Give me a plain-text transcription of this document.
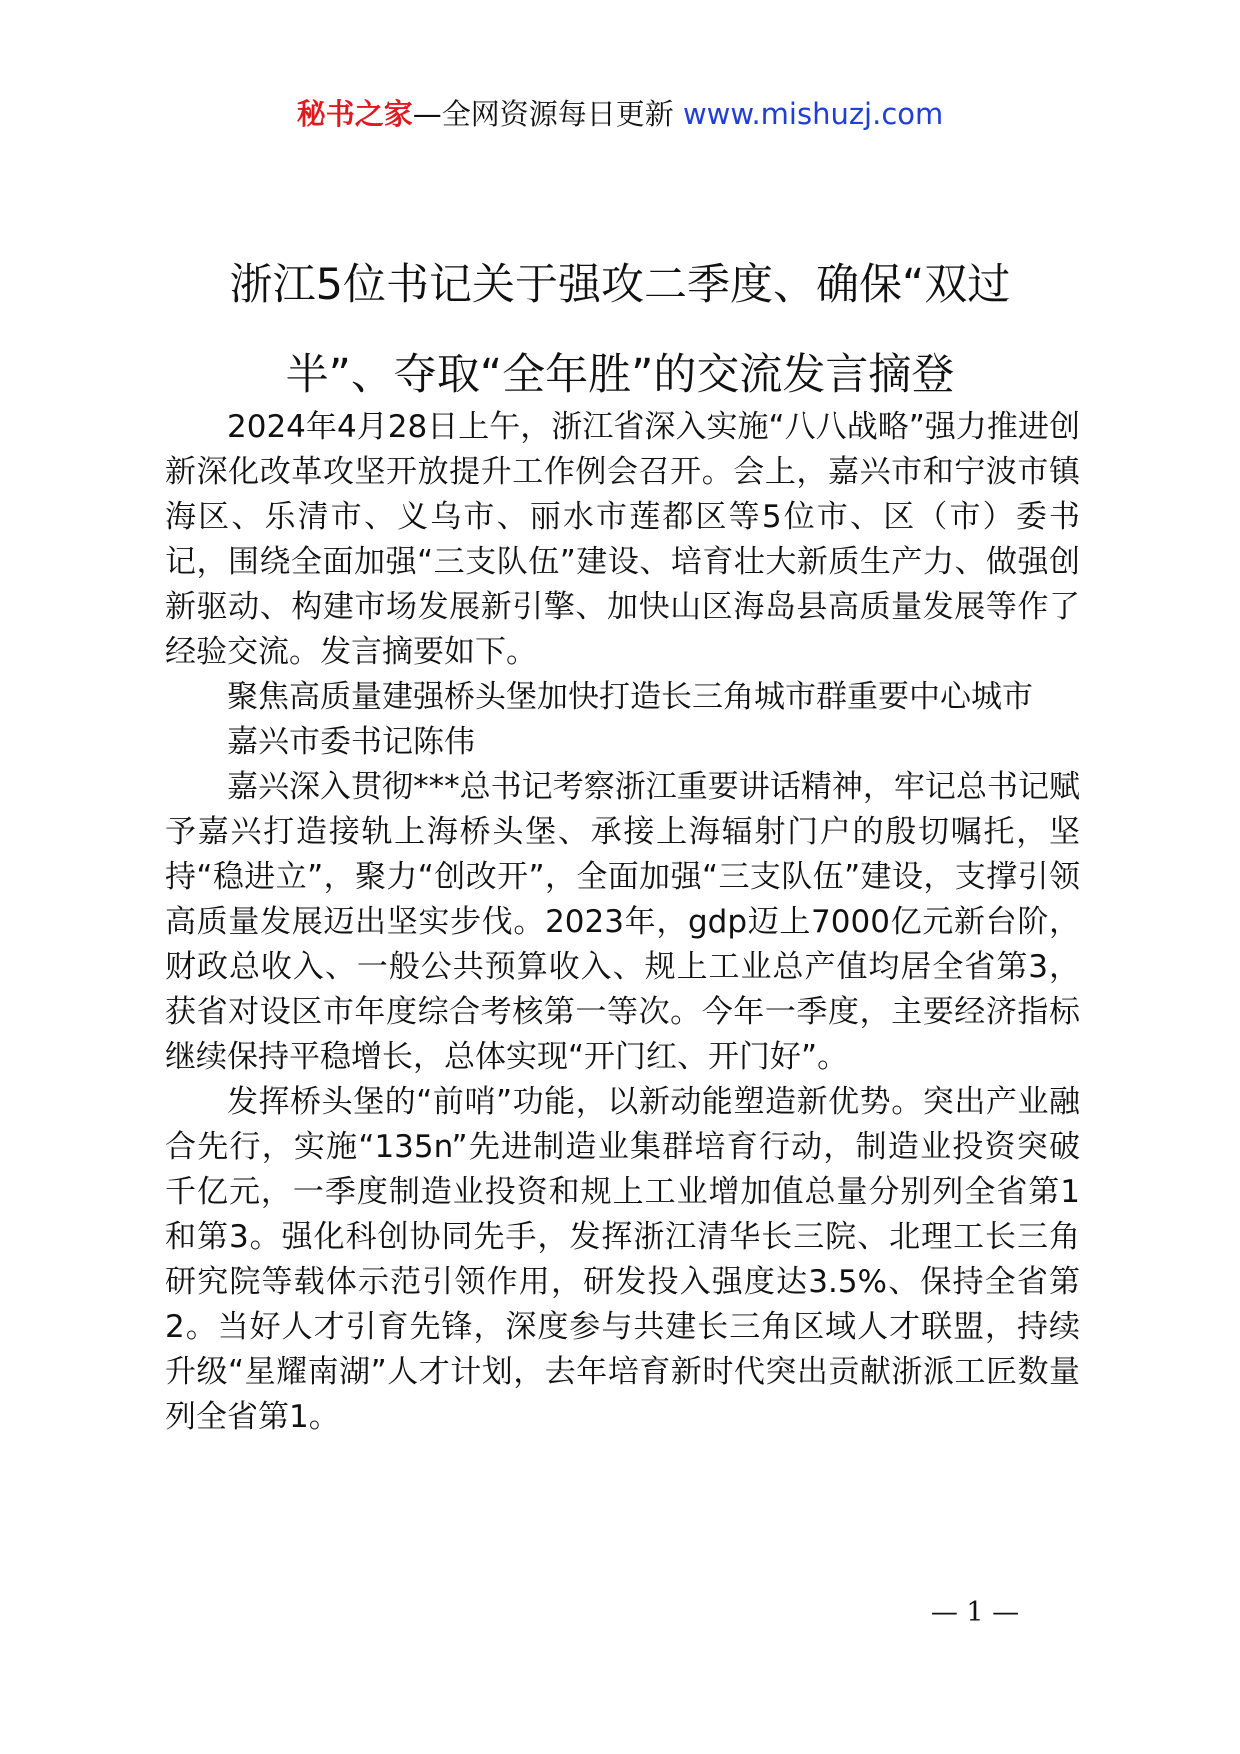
秘书之家—全网资源每日更新 www.mishuzj.com
浙江5位书记关于强攻二季度、确保“双过
半”、夺取“全年胜”的交流发言摘登

2024年4月28日上午，浙江省深入实施“八八战略”强力推进创新深化改革攻坚开放提升工作例会召开。会上，嘉兴市和宁波市镇海区、乐清市、义乌市、丽水市莲都区等5位市、区（市）委书记，围绕全面加强“三支队伍”建设、培育壮大新质生产力、做强创新驱动、构建市场发展新引擎、加快山区海岛县高质量发展等作了经验交流。发言摘要如下。

聚焦高质量建强桥头堡加快打造长三角城市群重要中心城市

嘉兴市委书记陈伟

嘉兴深入贯彻***总书记考察浙江重要讲话精神，牢记总书记赋予嘉兴打造接轨上海桥头堡、承接上海辐射门户的殷切嘱托，坚持“稳进立”，聚力“创改开”，全面加强“三支队伍”建设，支撑引领高质量发展迈出坚实步伐。2023年，gdp迈上7000亿元新台阶，财政总收入、一般公共预算收入、规上工业总产值均居全省第3，获省对设区市年度综合考核第一等次。今年一季度，主要经济指标继续保持平稳增长，总体实现“开门红、开门好”。

发挥桥头堡的“前哨”功能，以新动能塑造新优势。突出产业融合先行，实施“135n”先进制造业集群培育行动，制造业投资突破千亿元，一季度制造业投资和规上工业增加值总量分别列全省第1和第3。强化科创协同先手，发挥浙江清华长三院、北理工长三角研究院等载体示范引领作用，研发投入强度达3.5%、保持全省第2。当好人才引育先锋，深度参与共建长三角区域人才联盟，持续升级“星耀南湖”人才计划，去年培育新时代突出贡献浙派工匠数量列全省第1。

— 1 —
